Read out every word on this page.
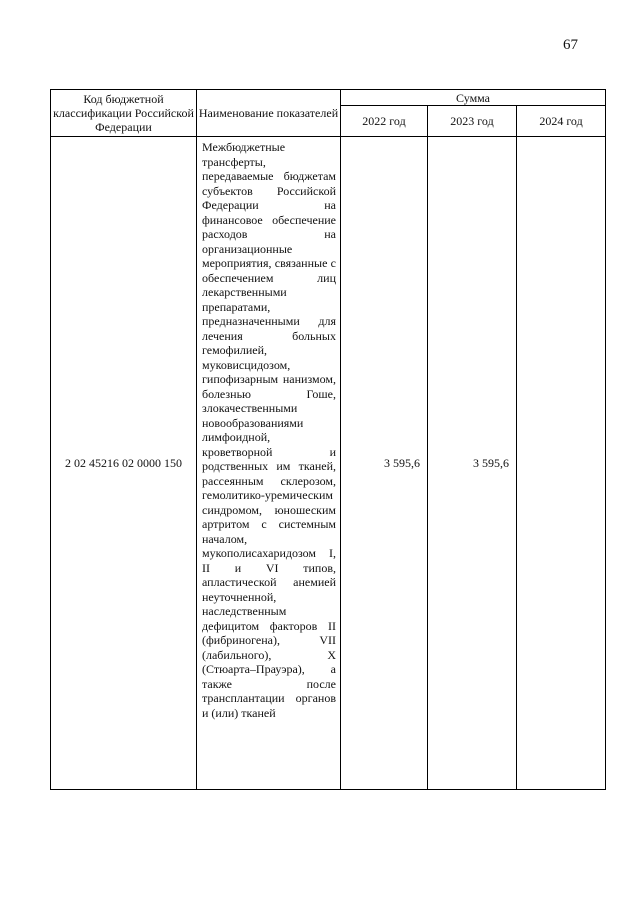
67
Код бюджетной классификации Российской Федерации	Наименование показателей	Сумма		
		2022 год	2023 год	2024 год
2 02 45216 02 0000 150	Межбюджетные трансферты, передаваемые бюджетам субъектов Российской Федерации на финансовое обеспечение расходов на организационные мероприятия, связанные с обеспечением лиц лекарственными препаратами, предназначенными для лечения больных гемофилией, муковисцидозом, гипофизарным нанизмом, болезнью Гоше, злокачественными новообразованиями лимфоидной, кроветворной и родственных им тканей, рассеянным склерозом, гемолитико-уремическим синдромом, юношеским артритом с системным началом, мукополисахаридозом I, II и VI типов, апластической анемией неуточненной, наследственным дефицитом факторов II (фибриногена), VII (лабильного), X (Стюарта–Прауэра), а также после трансплантации органов и (или) тканей	3 595,6	3 595,6	
